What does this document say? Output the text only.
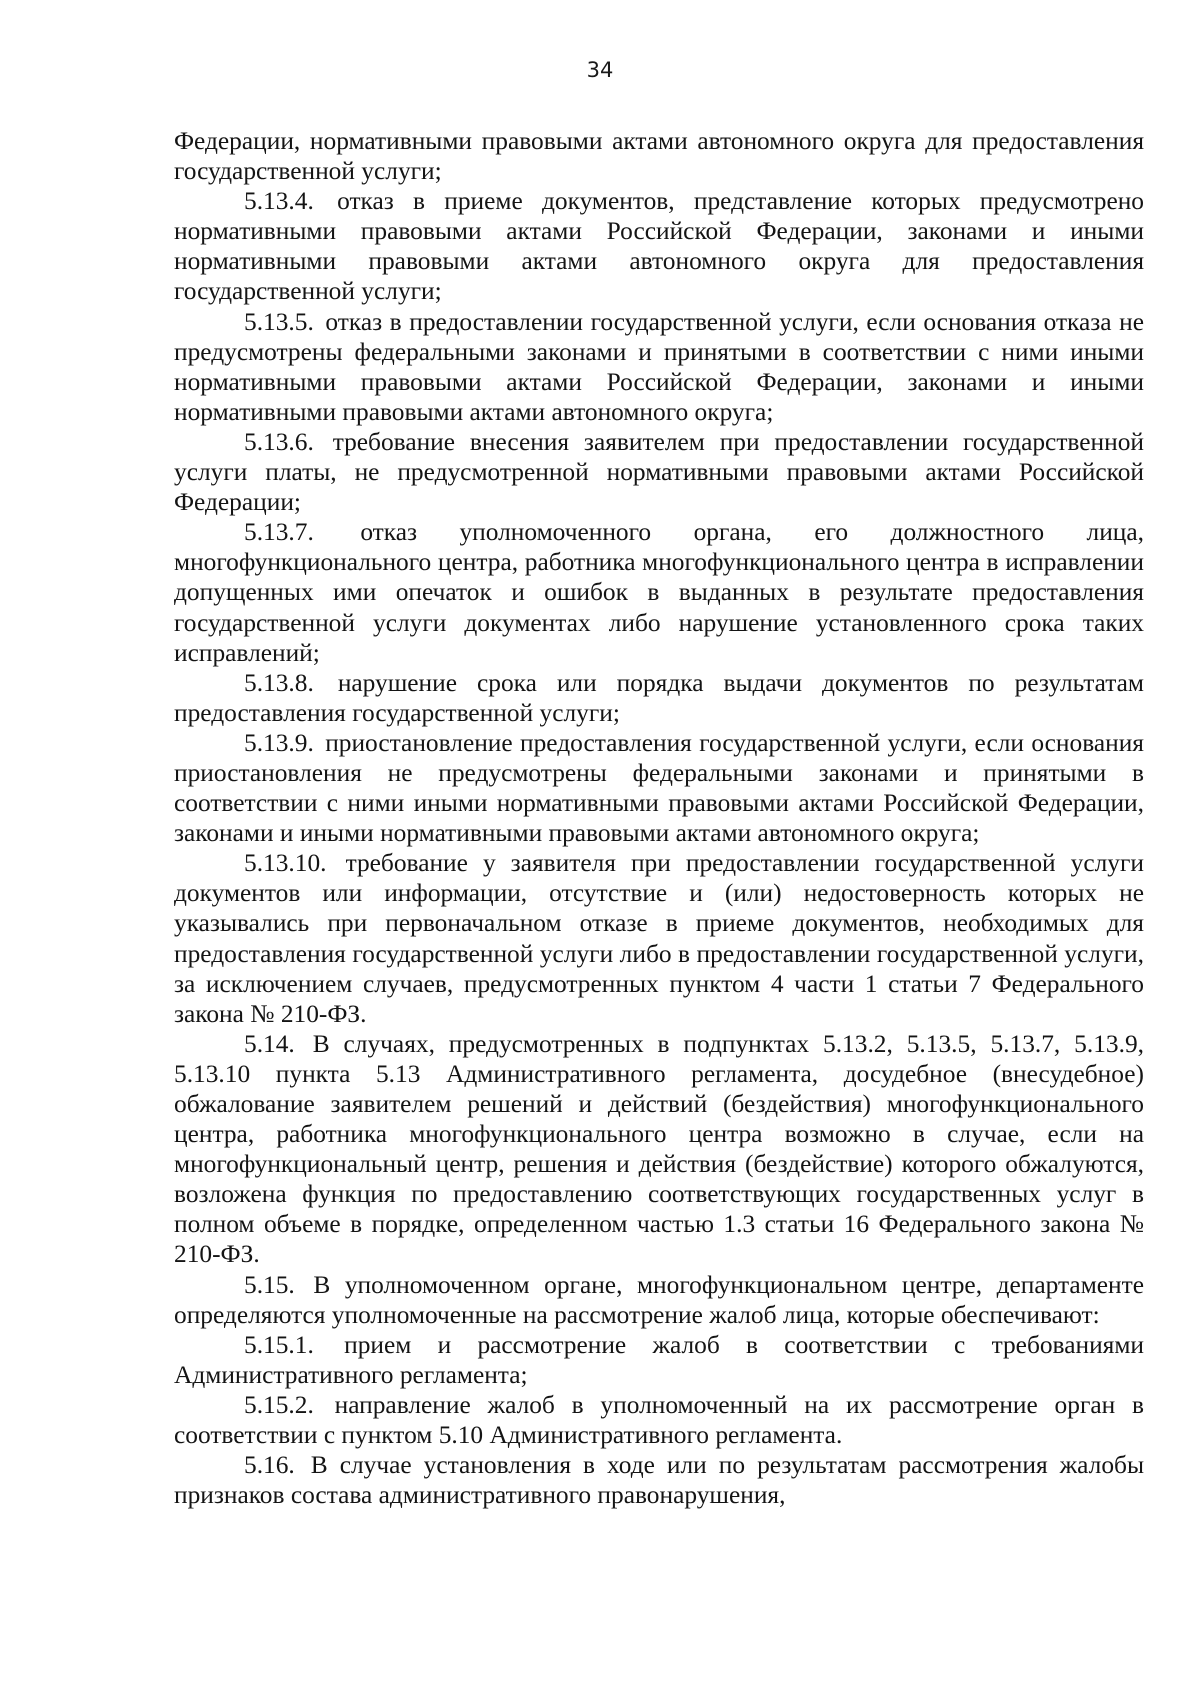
34

Федерации, нормативными правовыми актами автономного округа для предоставления государственной услуги;

5.13.4. отказ в приеме документов, представление которых предусмотрено нормативными правовыми актами Российской Федерации, законами и иными нормативными правовыми актами автономного округа для предоставления государственной услуги;

5.13.5. отказ в предоставлении государственной услуги, если основания отказа не предусмотрены федеральными законами и принятыми в соответствии с ними иными нормативными правовыми актами Российской Федерации, законами и иными нормативными правовыми актами автономного округа;

5.13.6. требование внесения заявителем при предоставлении государственной услуги платы, не предусмотренной нормативными правовыми актами Российской Федерации;

5.13.7. отказ уполномоченного органа, его должностного лица, многофункционального центра, работника многофункционального центра в исправлении допущенных ими опечаток и ошибок в выданных в результате предоставления государственной услуги документах либо нарушение установленного срока таких исправлений;

5.13.8. нарушение срока или порядка выдачи документов по результатам предоставления государственной услуги;

5.13.9. приостановление предоставления государственной услуги, если основания приостановления не предусмотрены федеральными законами и принятыми в соответствии с ними иными нормативными правовыми актами Российской Федерации, законами и иными нормативными правовыми актами автономного округа;

5.13.10. требование у заявителя при предоставлении государственной услуги документов или информации, отсутствие и (или) недостоверность которых не указывались при первоначальном отказе в приеме документов, необходимых для предоставления государственной услуги либо в предоставлении государственной услуги, за исключением случаев, предусмотренных пунктом 4 части 1 статьи 7 Федерального закона № 210-ФЗ.

5.14. В случаях, предусмотренных в подпунктах 5.13.2, 5.13.5, 5.13.7, 5.13.9, 5.13.10 пункта 5.13 Административного регламента, досудебное (внесудебное) обжалование заявителем решений и действий (бездействия) многофункционального центра, работника многофункционального центра возможно в случае, если на многофункциональный центр, решения и действия (бездействие) которого обжалуются, возложена функция по предоставлению соответствующих государственных услуг в полном объеме в порядке, определенном частью 1.3 статьи 16 Федерального закона № 210-ФЗ.

5.15. В уполномоченном органе, многофункциональном центре, департаменте определяются уполномоченные на рассмотрение жалоб лица, которые обеспечивают:

5.15.1. прием и рассмотрение жалоб в соответствии с требованиями Административного регламента;

5.15.2. направление жалоб в уполномоченный на их рассмотрение орган в соответствии с пунктом 5.10 Административного регламента.

5.16. В случае установления в ходе или по результатам рассмотрения жалобы признаков состава административного правонарушения,
